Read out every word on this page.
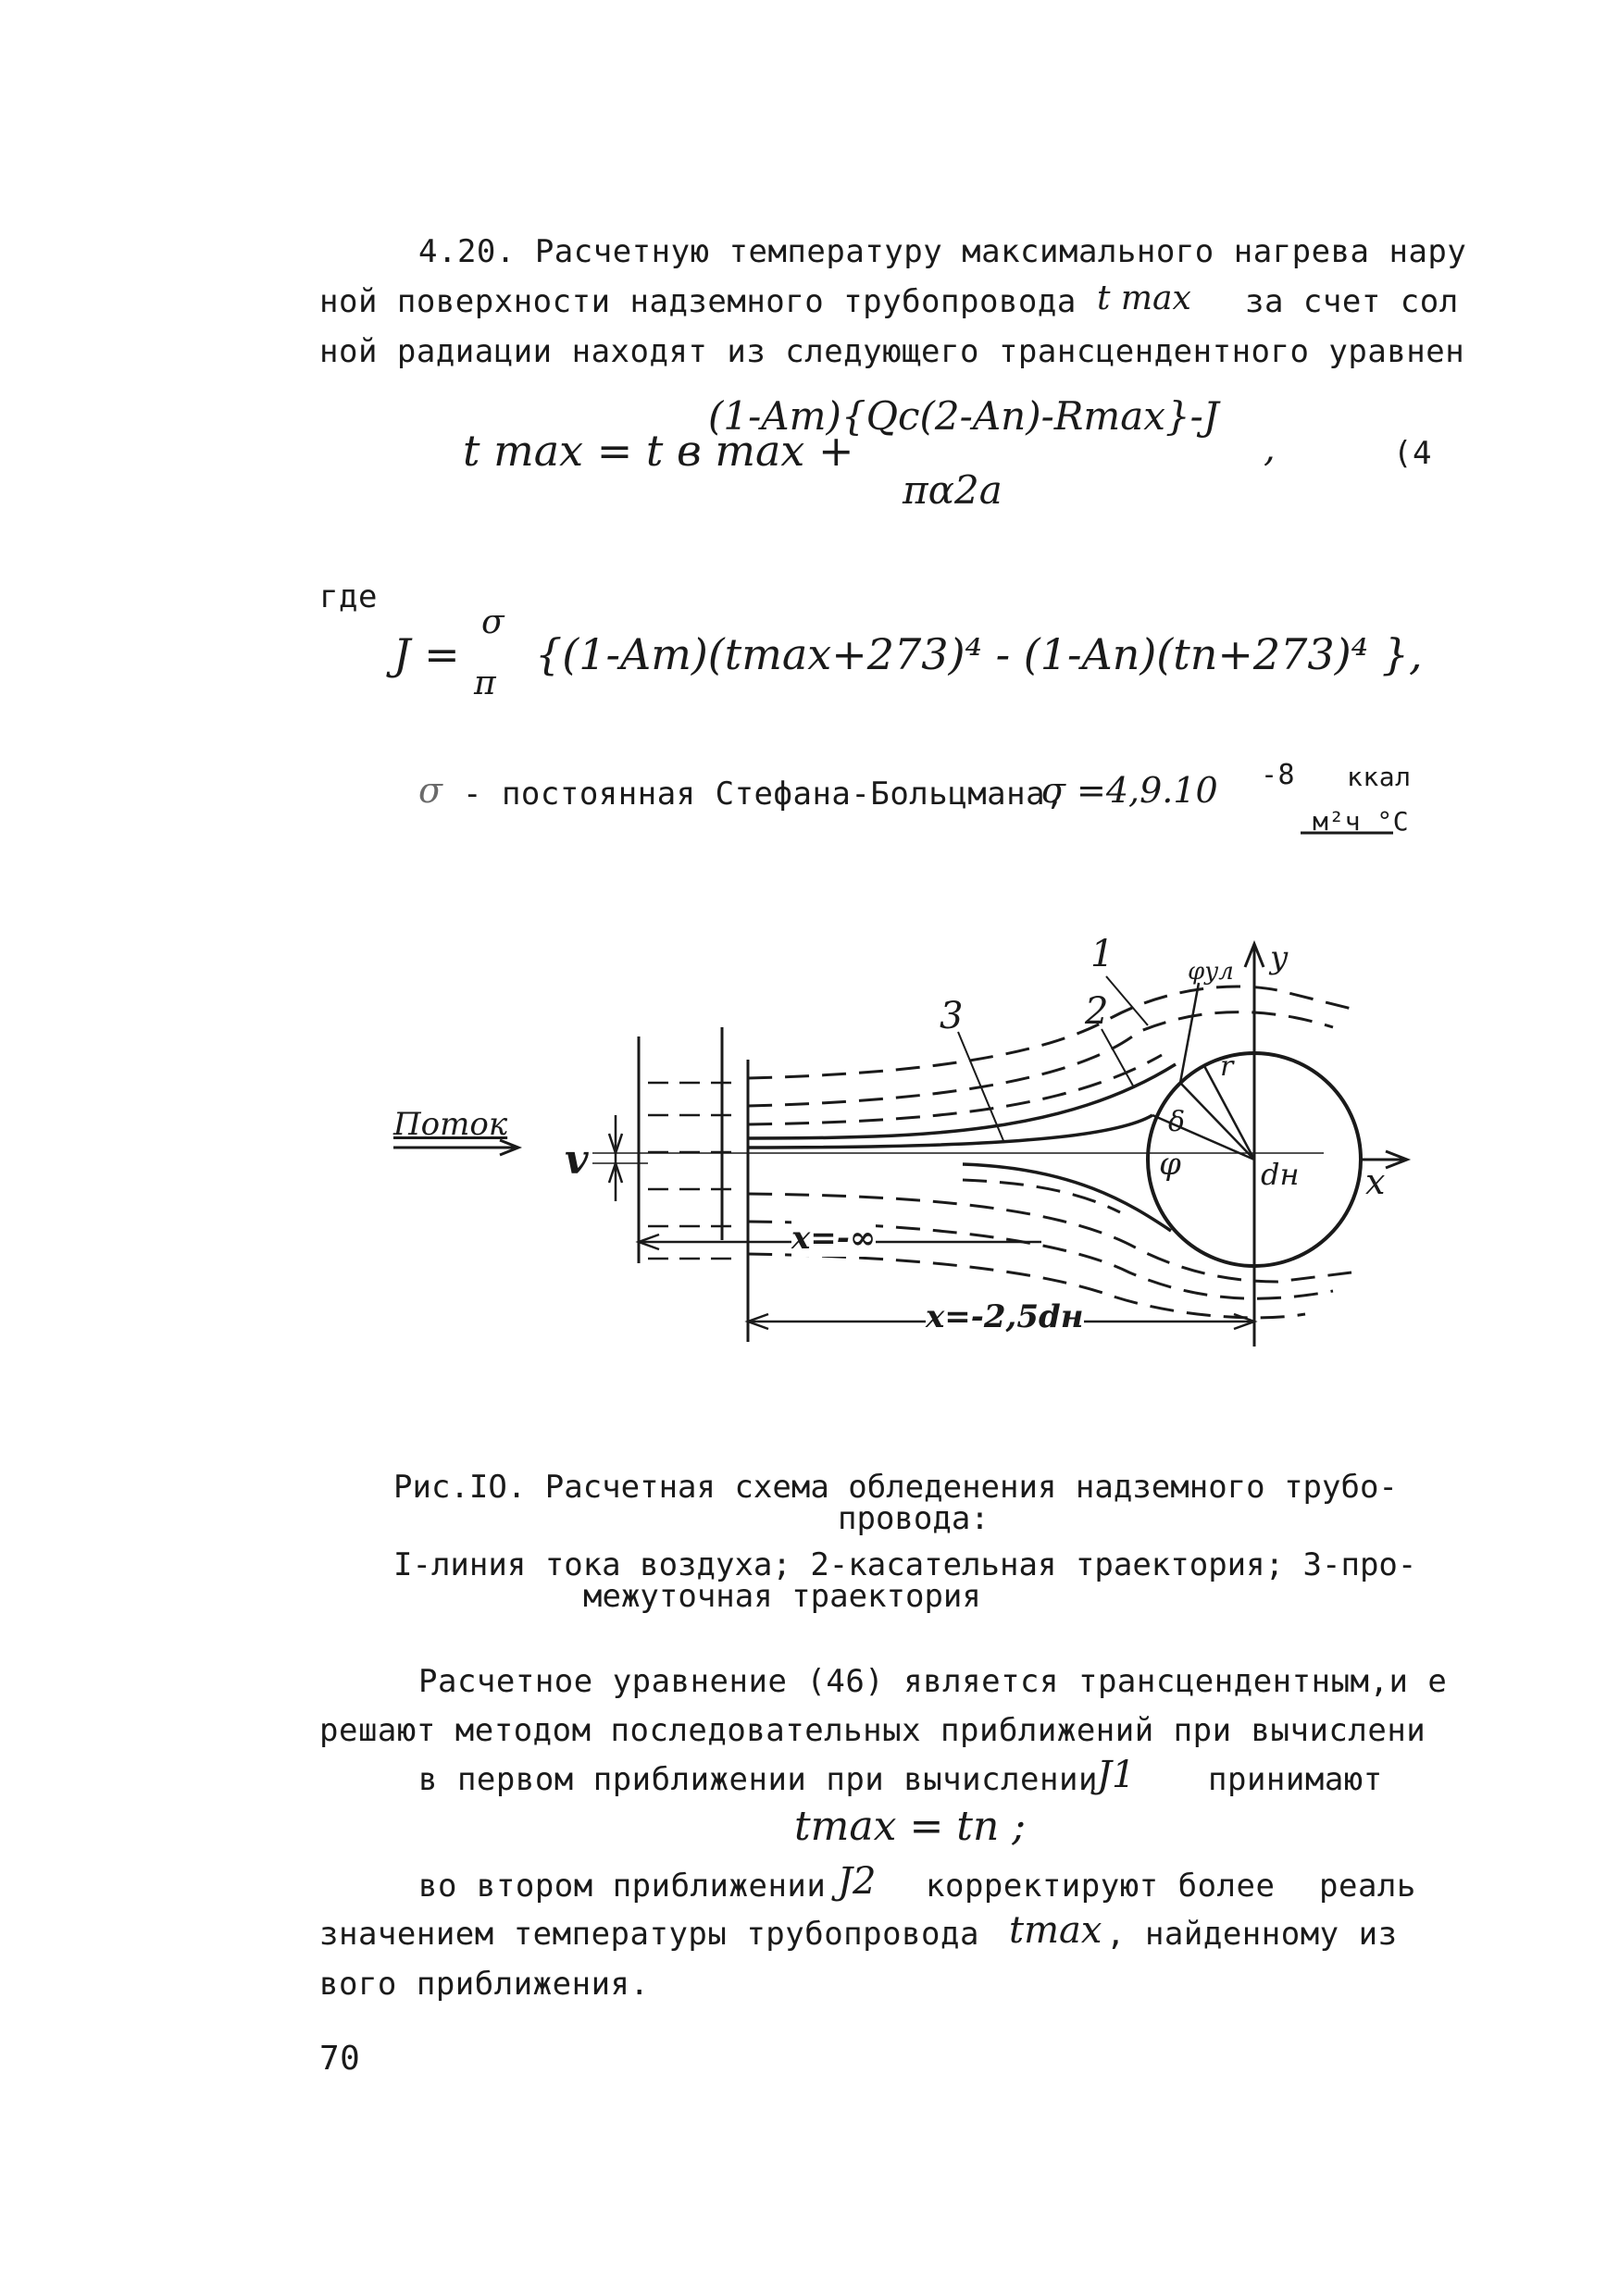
4.20. Расчетную температуру максимального нагрева нару
ной поверхности надземного трубопровода t max за счет сол
ной радиации находят из следующего трансцендентного уравнен
t max = t в max +
(1-Aт){Qс(2-Aп)-Rmax}-J
πα2a
,	(4
где
J =
σ
π
{(1-Aт)(tmax+273)⁴ - (1-Aп)(tп+273)⁴ },
σ - постоянная Стефана-Больцмана,
σ =4,9.10 -8 ккал
м²ч °С
Поток
v
x=-∞
x=-2,5dн
dн x
y
φ
φул
δ
r
1
2
3
Рис.IO. Расчетная схема обледенения надземного трубо-
провода:
I-линия тока воздуха; 2-касательная траектория; 3-про-
межуточная траектория
Расчетное уравнение (46) является трансцендентным,и е
решают методом последовательных приближений при вычислени
в первом приближении при вычислении J1 принимают
tmax = tп ;
во втором приближении J2 корректируют более реаль
значением температуры трубопровода tmax , найденному из
вого приближения.
70
